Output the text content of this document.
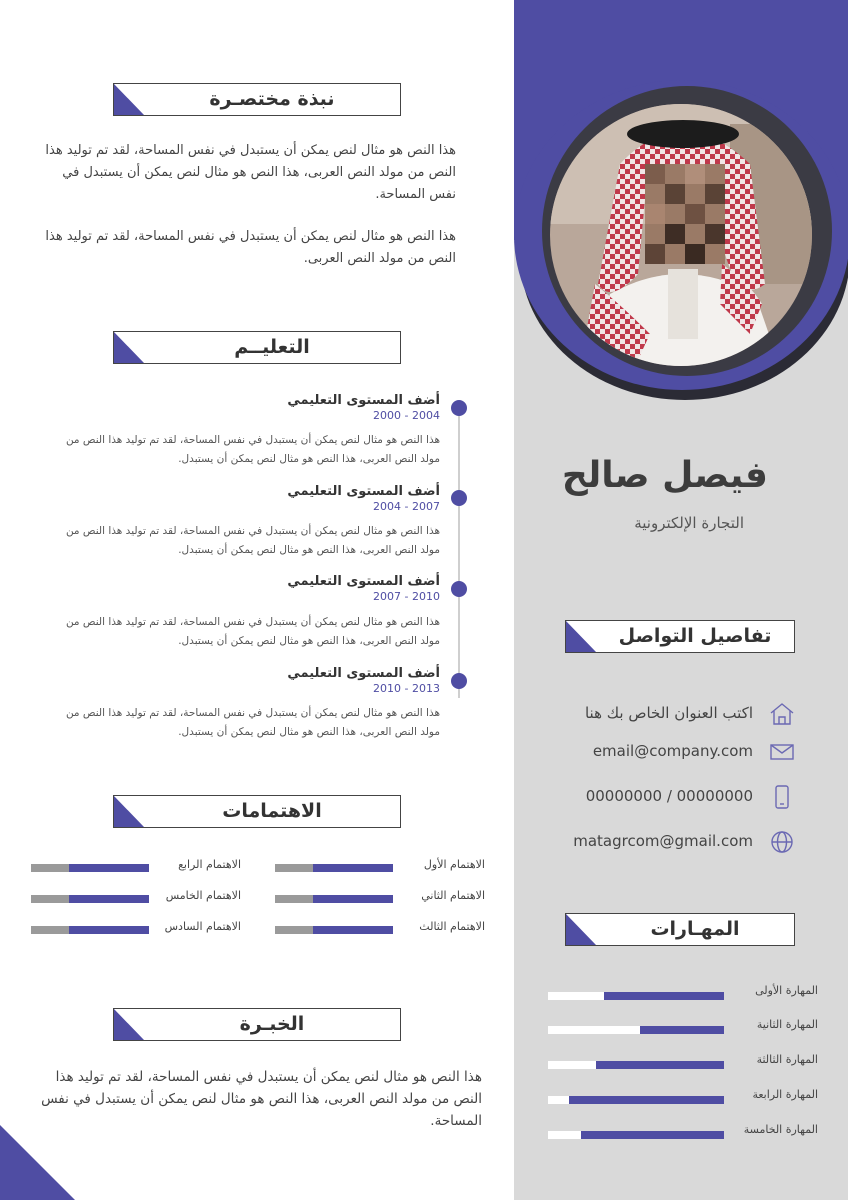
فيصل صالح
التجارة الإلكترونية
تفاصيل التواصل
اكتب العنوان الخاص بك هنا
email@company.com
00000000 / 00000000
matagrcom@gmail.com
المهـارات
المهارة الأولى
المهارة الثانية
المهارة الثالثة
المهارة الرابعة
المهارة الخامسة
نبذة مختصـرة

هذا النص هو مثال لنص يمكن أن يستبدل في نفس المساحة، لقد تم توليد هذا النص من مولد النص العربى، هذا النص هو مثال لنص يمكن أن يستبدل في نفس المساحة.

هذا النص هو مثال لنص يمكن أن يستبدل في نفس المساحة، لقد تم توليد هذا النص من مولد النص العربى.

التعليــم
أضف المستوى التعليمي
2000 - 2004

هذا النص هو مثال لنص يمكن أن يستبدل في نفس المساحة، لقد تم توليد هذا النص من مولد النص العربى، هذا النص هو مثال لنص يمكن أن يستبدل.

أضف المستوى التعليمي
2004 - 2007

هذا النص هو مثال لنص يمكن أن يستبدل في نفس المساحة، لقد تم توليد هذا النص من مولد النص العربى، هذا النص هو مثال لنص يمكن أن يستبدل.

أضف المستوى التعليمي
2007 - 2010

هذا النص هو مثال لنص يمكن أن يستبدل في نفس المساحة، لقد تم توليد هذا النص من مولد النص العربى، هذا النص هو مثال لنص يمكن أن يستبدل.

أضف المستوى التعليمي
2010 - 2013

هذا النص هو مثال لنص يمكن أن يستبدل في نفس المساحة، لقد تم توليد هذا النص من مولد النص العربى، هذا النص هو مثال لنص يمكن أن يستبدل.

الاهتمامات
الاهتمام الأول
الاهتمام الثاني
الاهتمام الثالث
الاهتمام الرابع
الاهتمام الخامس
الاهتمام السادس
الخبـرة

هذا النص هو مثال لنص يمكن أن يستبدل في نفس المساحة، لقد تم توليد هذا النص من مولد النص العربى، هذا النص هو مثال لنص يمكن أن يستبدل في نفس المساحة.
